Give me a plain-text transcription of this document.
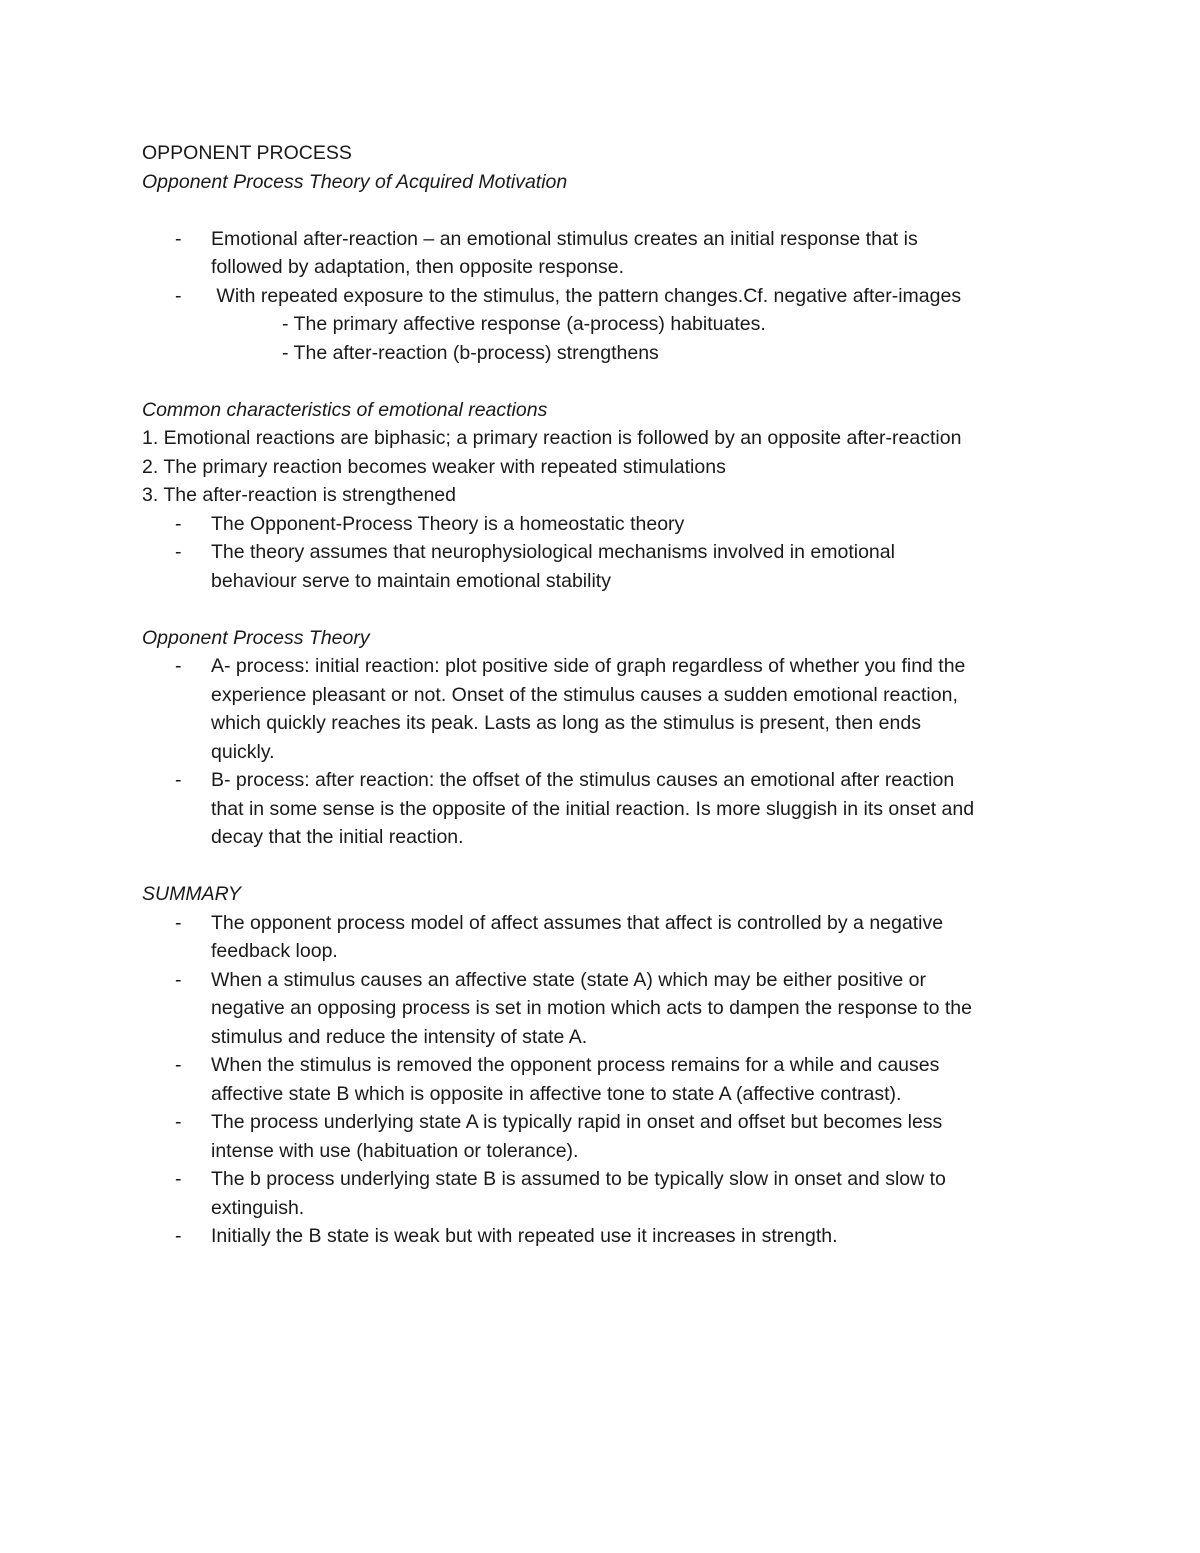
OPPONENT PROCESS
Opponent Process Theory of Acquired Motivation
-	Emotional after-reaction – an emotional stimulus creates an initial response that is
followed by adaptation, then opposite response.
-	With repeated exposure to the stimulus, the pattern changes.Cf. negative after-images
- The primary affective response (a-process) habituates.
- The after-reaction (b-process) strengthens
Common characteristics of emotional reactions
1. Emotional reactions are biphasic; a primary reaction is followed by an opposite after-reaction
2. The primary reaction becomes weaker with repeated stimulations
3. The after-reaction is strengthened
-	The Opponent-Process Theory is a homeostatic theory
-	The theory assumes that neurophysiological mechanisms involved in emotional
behaviour serve to maintain emotional stability
Opponent Process Theory
-	A- process: initial reaction: plot positive side of graph regardless of whether you find the
experience pleasant or not. Onset of the stimulus causes a sudden emotional reaction,
which quickly reaches its peak. Lasts as long as the stimulus is present, then ends
quickly.
-	B- process: after reaction: the offset of the stimulus causes an emotional after reaction
that in some sense is the opposite of the initial reaction. Is more sluggish in its onset and
decay that the initial reaction.
SUMMARY
-	The opponent process model of affect assumes that affect is controlled by a negative
feedback loop.
-	When a stimulus causes an affective state (state A) which may be either positive or
negative an opposing process is set in motion which acts to dampen the response to the
stimulus and reduce the intensity of state A.
-	When the stimulus is removed the opponent process remains for a while and causes
affective state B which is opposite in affective tone to state A (affective contrast).
-	The process underlying state A is typically rapid in onset and offset but becomes less
intense with use (habituation or tolerance).
-	The b process underlying state B is assumed to be typically slow in onset and slow to
extinguish.
-	Initially the B state is weak but with repeated use it increases in strength.
